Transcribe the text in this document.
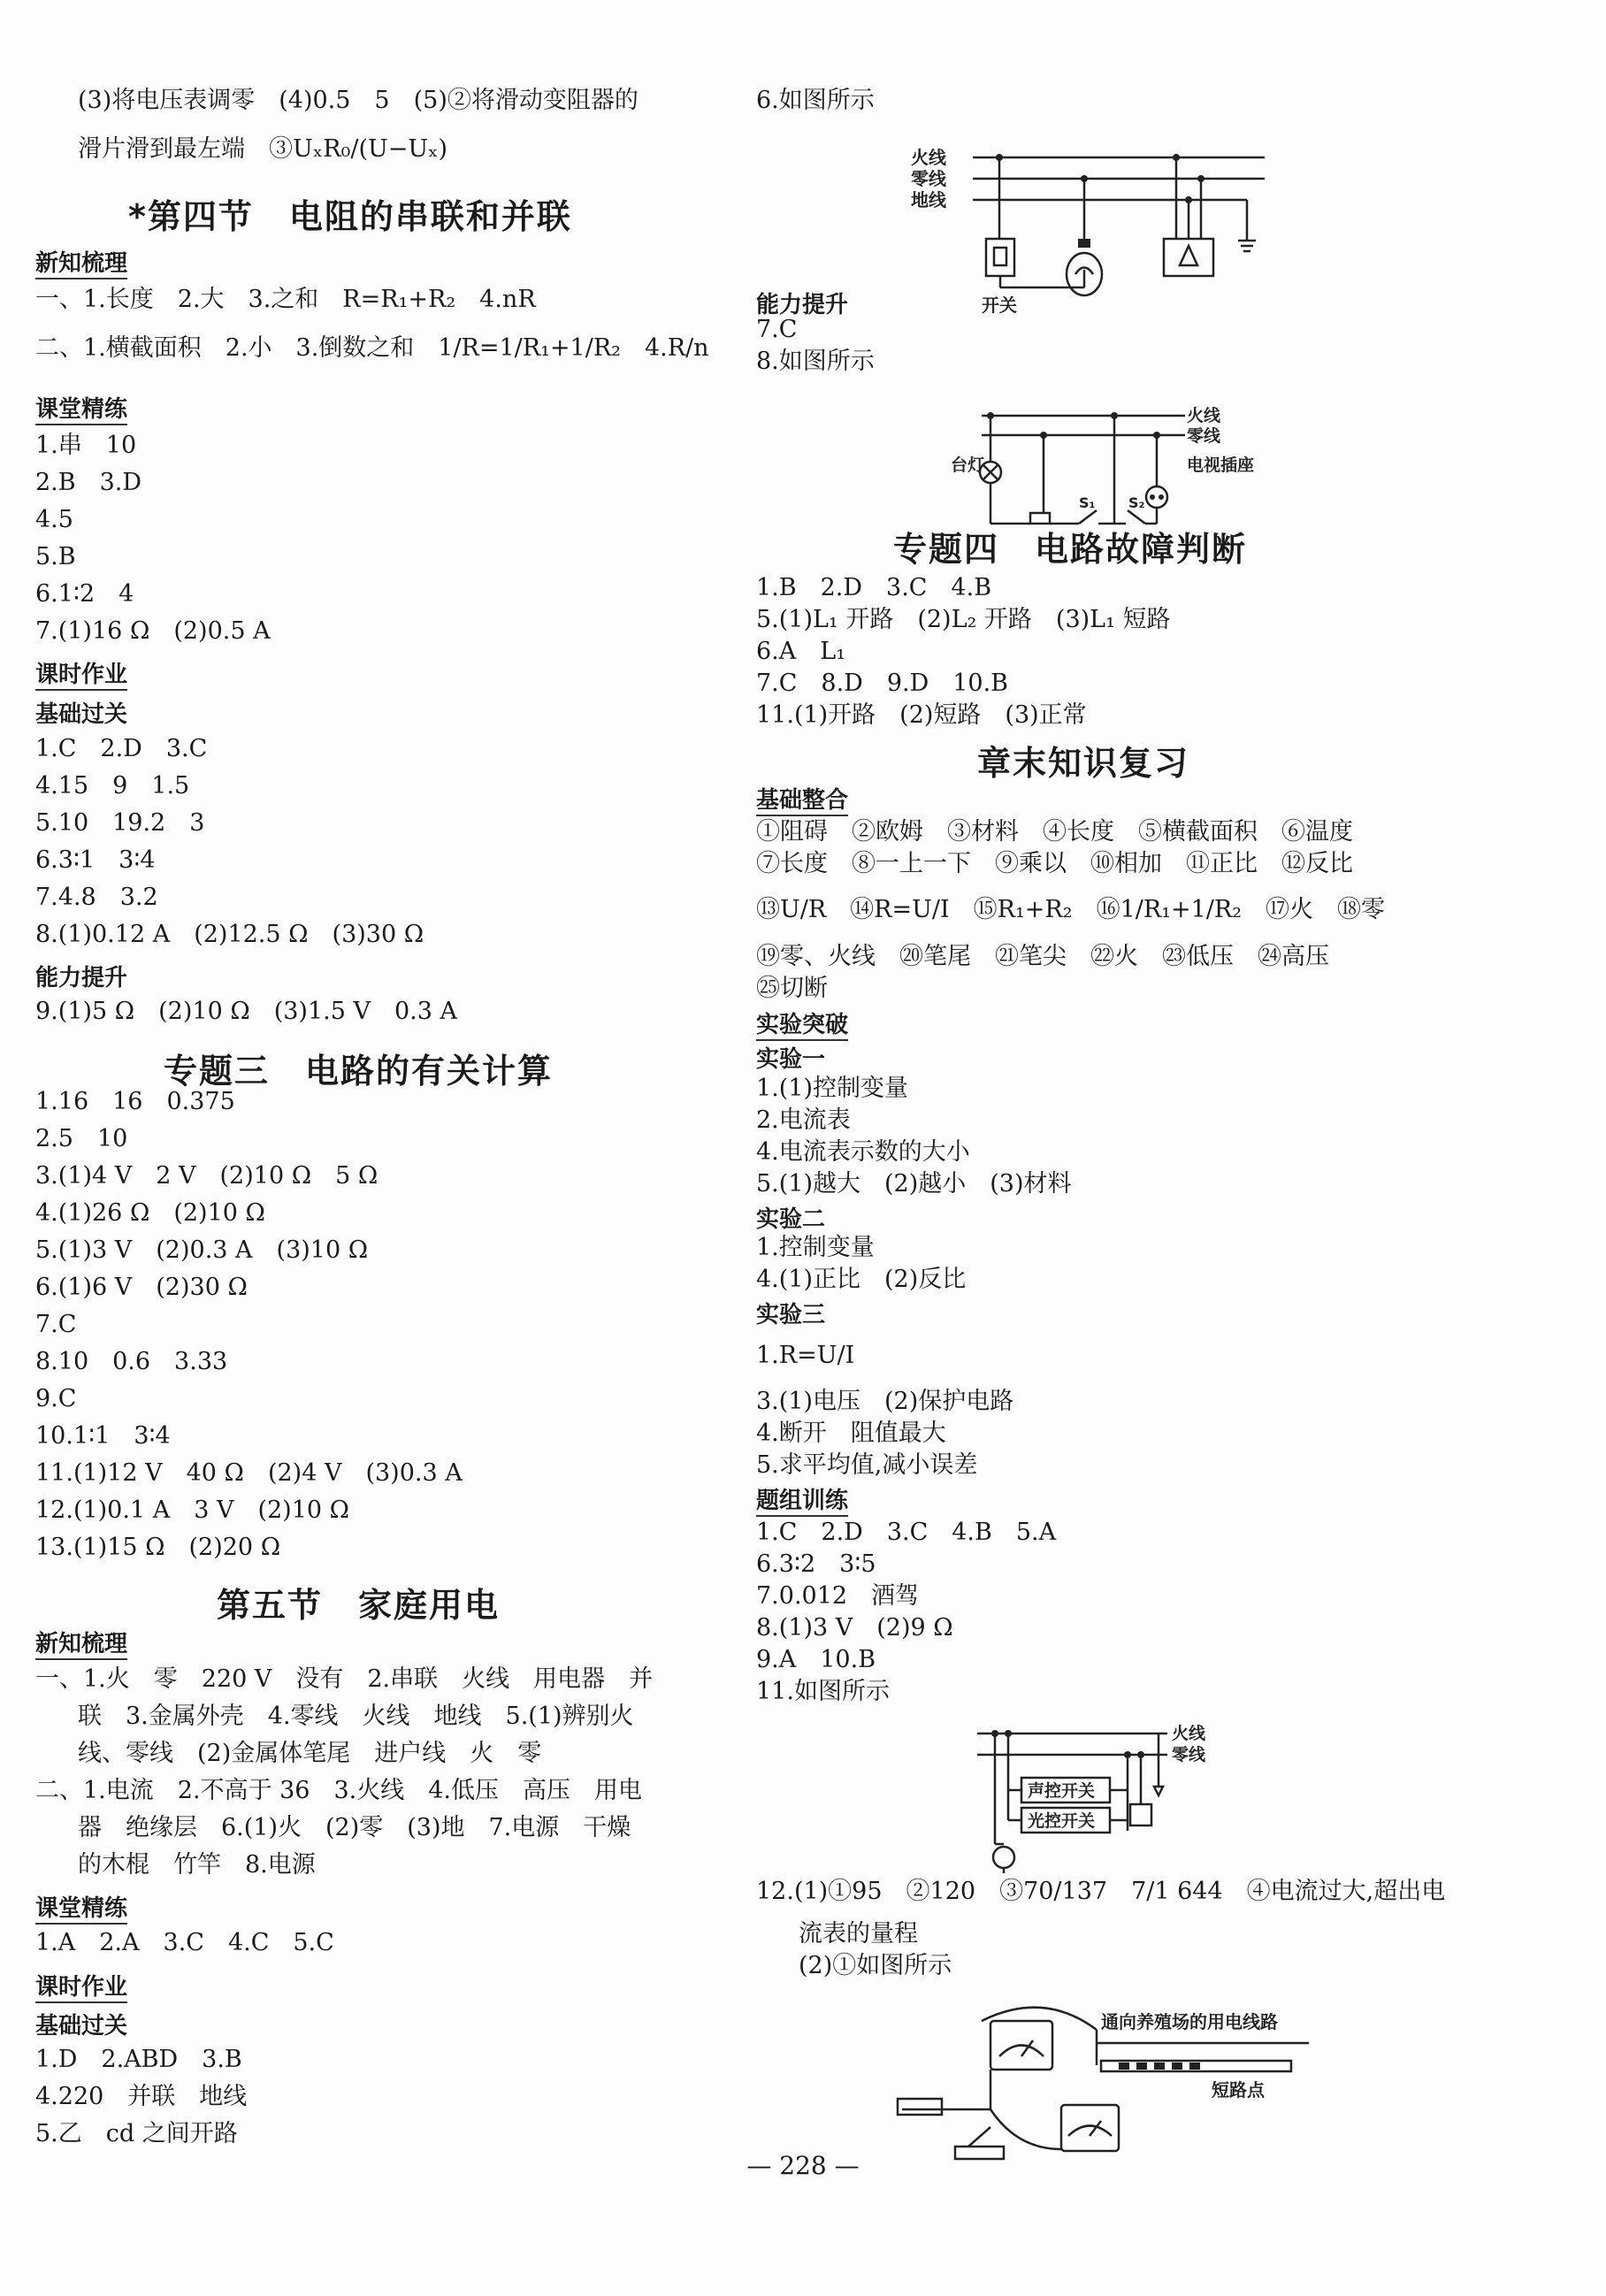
(3)将电压表调零　(4)0.5　5　(5)②将滑动变阻器的
滑片滑到最左端　③UₓR₀/(U−Uₓ)
*第四节　电阻的串联和并联
新知梳理
一、1.长度　2.大　3.之和　R=R₁+R₂　4.nR
二、1.横截面积　2.小　3.倒数之和　1/R=1/R₁+1/R₂　4.R/n
课堂精练
1.串　10
2.B　3.D
4.5
5.B
6.1∶2　4
7.(1)16 Ω　(2)0.5 A
课时作业
基础过关
1.C　2.D　3.C
4.15　9　1.5
5.10　19.2　3
6.3∶1　3∶4
7.4.8　3.2
8.(1)0.12 A　(2)12.5 Ω　(3)30 Ω
能力提升
9.(1)5 Ω　(2)10 Ω　(3)1.5 V　0.3 A
专题三　电路的有关计算
1.16　16　0.375
2.5　10
3.(1)4 V　2 V　(2)10 Ω　5 Ω
4.(1)26 Ω　(2)10 Ω
5.(1)3 V　(2)0.3 A　(3)10 Ω
6.(1)6 V　(2)30 Ω
7.C
8.10　0.6　3.33
9.C
10.1∶1　3∶4
11.(1)12 V　40 Ω　(2)4 V　(3)0.3 A
12.(1)0.1 A　3 V　(2)10 Ω
13.(1)15 Ω　(2)20 Ω
第五节　家庭用电
新知梳理
一、1.火　零　220 V　没有　2.串联　火线　用电器　并
联　3.金属外壳　4.零线　火线　地线　5.(1)辨别火
线、零线　(2)金属体笔尾　进户线　火　零
二、1.电流　2.不高于 36　3.火线　4.低压　高压　用电
器　绝缘层　6.(1)火　(2)零　(3)地　7.电源　干燥
的木棍　竹竿　8.电源
课堂精练
1.A　2.A　3.C　4.C　5.C
课时作业
基础过关
1.D　2.ABD　3.B
4.220　并联　地线
5.乙　cd 之间开路
6.如图所示
能力提升
7.C
8.如图所示
专题四　电路故障判断
1.B　2.D　3.C　4.B
5.(1)L₁ 开路　(2)L₂ 开路　(3)L₁ 短路
6.A　L₁
7.C　8.D　9.D　10.B
11.(1)开路　(2)短路　(3)正常
章末知识复习
基础整合
①阻碍　②欧姆　③材料　④长度　⑤横截面积　⑥温度
⑦长度　⑧一上一下　⑨乘以　⑩相加　⑪正比　⑫反比
⑬U/R　⑭R=U/I　⑮R₁+R₂　⑯1/R₁+1/R₂　⑰火　⑱零
⑲零、火线　⑳笔尾　㉑笔尖　㉒火　㉓低压　㉔高压
㉕切断
实验突破
实验一
1.(1)控制变量
2.电流表
4.电流表示数的大小
5.(1)越大　(2)越小　(3)材料
实验二
1.控制变量
4.(1)正比　(2)反比
实验三
1.R=U/I
3.(1)电压　(2)保护电路
4.断开　阻值最大
5.求平均值,减小误差
题组训练
1.C　2.D　3.C　4.B　5.A
6.3∶2　3∶5
7.0.012　酒驾
8.(1)3 V　(2)9 Ω
9.A　10.B
11.如图所示
12.(1)①95　②120　③70/137　7/1 644　④电流过大,超出电
流表的量程
(2)①如图所示
火线
零线
地线
开关
火线
零线
台灯
S₁ S₂
电视插座
火线
零线
声控开关
光控开关
通向养殖场的用电线路
短路点
— 228 —
